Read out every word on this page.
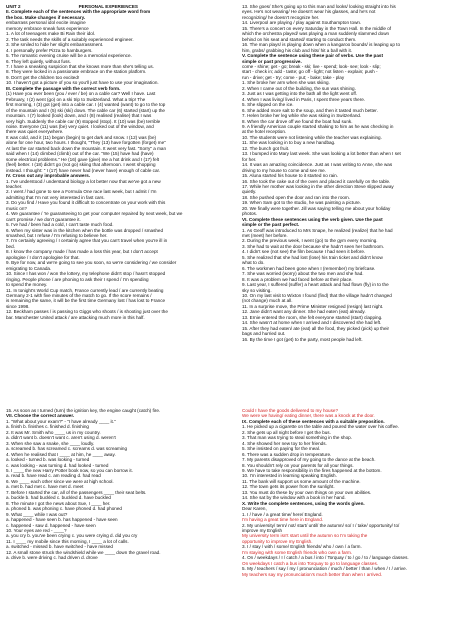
UNIT 2	PERSONAL EXPERIENCES
II. Complete each of the sentences with the appropriate word from
the box. Make changes if necessary.
embarrass personal idol excite imagine
memory embrace sneak fuss experience
1. A lot of teenagers make Bi Rain their idol.
2. The task needs the skills of a suitably experienced engineer.
3. She smiled to hide her slight embarrassment.
4. I personally prefer Pizza to hamburgers.
5. The romantic evening cruise will be a memorial experience.
6. They left quietly, without fuss.
7. I have a sneaking suspicion that she knows more than she's telling us.
8. They were locked in a passionate embrace on the station platform.
9. Don't get the children too excited!
10. I haven't got a picture of you so you'll just have to use your imagination.
III. Complete the passage with the correct verb form.
(1) Have you ever been (you / ever / be) on a cable car? Well I have. Last
February, I (2) went (go) on a ski trip to Switzerland. What a trip! The
first morning, I (3) got (get) into a cable car. I (4) wanted (want) to go to the top
of the mountain and I (5) ski (ski) down. The cable car (6) started (start) up the
mountain. I (7) looked (look) down, and I (8) realised (realise) that I was
very high. Suddenly the cable car (9) stopped (stop). It (10) was (be) terrible
noise. Everyone (11) was (be) very quiet. I looked out of the window, and
there was quiet everywhere.
It was cold, and it (11) began (begin) to get dark and snow. I (12) was (be)
alone for one hour, two hours. I thought, "They (13) have forgotten (forget) me"
At last the car started back down the mountain. It went very fast. "Sorry" a man
said when I (14) climbed (climb) out of the car. "We (15) have had (have)
some electrical problems." He (16) gave (give) me a hot drink and I (17) felt
(feel) better. I (18) didn't go (not go) skiing that afternoon. I went shopping
instead. I thought: " I (17) have never had (never have) enough of cable car.
IV. Cross out any improbable answers.
1. I've understood / understand biology a lot better now that we've got a new
teacher.
2. I went / had gone to see a Formula One race last week, but I admit / I'm
admitting that I'm not very interested in fast cars.
3. Do you find / Have you found it difficult to concentrate on your work with this
music on?
4. We guarantee / 're guaranteeing to get your computer repaired by next week, but we
can't promise / we don't guarantee it.
5. I've had / been had a cold, I can't taste much food.
6. When my sister was in the kitchen when the bottle was dropped / smashed
smashed, but I refuse / I'm refusing to believe her.
7. I'm certainly agreeing / I certainly agree that you can't travel when you're ill in
bed.
8. I know the company made / has made a loss this year, but I don't accept
apologise / I don't apologise for that.
9. Bye for now, and we're going to see you soon, so we're considering / we consider
emigrating to Canada.
10. Since I has won / won the lottery, my telephone didn't stop / hasn't stopped
ringing. People phone / are phoning to ask their I spend / I'm spending
to spend the money.
11. In tonight's World Cup match, France currently lead / are currently beating
Germany 2-1 with five minutes of the match to go. If the score remains /
is remaining the same, it will be the first time Germany lost / has lost to France
since 1998.
12. Beckham passes / is passing to Giggs who shoots / is shooting just over the
bar. Manchester United attack / are attacking much more in this half.
13. She goes/ She's going up to this man and looks/ looking straight into his
eyes. He's not wearing/ He doesn't wear his glasses, and he's not
recognizing/ he doesn't recognize her.
14. Liverpool are playing / play against Southampton town.
15. There's a concert on every Saturday in the Town Hall. In the middle of
which the orchestra played/ was playing a man suddenly slammed down
behind on his seat and started/ starting to conduct them.
16. The man plays/ is playing down when a kangaroo bounds/ is leaping up to
him, grabs/ grabbing his club and hits/ hit a ball with it.
V. Complete the sentence using these pair of verbs. Use the past
simple or past progressive.
come - shine; get - go; break - ski; live - spend; look- see; look - slip;
start - check in; add - taste; go off - light; not listen - explain; push -
run - drive; get - try; come - put; - bake; take - play
1. She broke her arm when she was skiing.
2. When I came out of the building, the sun was shining.
3. Just as I was getting into the bath all the light went off.
4. When I was living/ lived in Paris, I spent three years there.
5. She slipped on the ice.
6. She added more salt to the soup, and then it tasted much better.
7. Helen broke her leg while she was skiing in Switzerland.
8. When the car drove off we found the boat had sunk.
9. A friendly American couple started shaking to him as he was checking in
at the hotel reception.
10. The students were not listening while the teacher was explaining.
11. She was looking in to buy a new handbag.
12. The bunch got fruit.
13. I bumped into Mary last week. She was looking a lot better than when I set
for her.
14. It was an amazing coincidence. Just as I was writing to Anne, she was
driving to my house to come and see me.
15. Aluna started his house to it started no rain.
16. She took the cake out of the oven and placed it carefully on the table.
17. While her mother was looking in the other direction Steve slipped away
quietly.
18. She pushed open the door and ran into the room.
19. When Sam got to the studio, he was painting a picture.
20. We finally were together. Jill was saying telling me about your holiday
photos.
VI. Complete these sentences using the verb given. Use the past
simple or the past perfect.
1. As Geoff was introduced to Mrs Snape, he realized (realize) that he had
met (meet) her before.
2. During the previous week, I went (go) to the gym every morning.
3. She had to wait at the door because she hadn't seen her bathroom.
4. I didn't see (not see) the film because I had seen it before.
5. She realized that she had lost (lose) his train ticket and didn't know
what to do.
6. The workmen had been gone when I (remember) my briefcase.
7. She was worried (worry) about the two men and she had.
8. It was a problem we had faced before at their place.
9. Last year, I suffered (suffer) a heart attack and had flown (fly) in to the
sky so visiting.
10. On my last visit to Wixton I found (find) that the village hadn't changed
(not change) much at all.
11. In a surprise move, the Prime Minister resigned (resign) last night.
12. Jane didn't want any dinner. She had eaten (eat) already.
13. Ernie entered the room, she felt everyone started (start) clapping.
14. She wasn't at home when I arrived and I discovered she had left.
15. After they had eaten/ ate (eat) all the food, they picked (pick) up their
bags and hurried out.
16. By the time I got (get) to the party, most people had left.
15. As soon as I turned (turn) the ignition key, the engine caught (catch) fire.
VII. Choose the correct answer.
1. "What about your exam?" - "I have already ____ it."
a. finish b. finishes c. finished d. finishing
2. It was Mr. Smith who ____ us in my country.
a. didn't want b. doesn't want c. aren't using d. weren't
3. When she saw a snake, she ____ loudly.
a. screamed b. has screamed c. screams d. was screaming
4. When he realised that I ____ at him, he ____ away.
a. looked - turned b. was looking - turned
c. was looking - was turning d. had looked - turned
5. I ____ the new Harry Potter book now, so you can borrow it.
a. read b. have read c. am reading d. had read
6. We ____ each other since we were at high school.
a. met b. had met c. have met d. meet
7. Before I started the car, all of the passengers ____ their seat belts.
a. buckle b. had buckled c. buckled d. have buckled
8. The minute I got the news about Sue, I ____ her.
a. phoned b. was phoning c. have phoned d. had phoned
9. What ____ while I was out?
a. happened - have seen b. has happened - have seen
c. happened - saw d. happened - have seen
10. Your eyes are red - ____?
a. you cry b. you've been crying c. you were crying d. did you cry
11. I ____ my mobile since this morning, I ____ a lot of calls.
a. switched - missed b. have switched - have missed
12. A small stone struck the windshield while we ____ down the gravel road.
a. drive b. were driving c. had driven d. drove
Could I have the goods delivered to my house?
We were we having/ eating dinner, there was a knock at the door.
IX. Complete each of these sentences with a suitable preposition.
1. He picked up a cigarette on the table and poured the water over his coffee.
2. She gets up all night before I get the bus.
3. That man was trying to steal something in the shop.
4. She showed her new toy to her friends.
5. She insisted on paying for the meal.
6. There was a sudden drop in temperature.
7. My parents disapproved of my going to the dance at the beach.
8. You shouldn't rely on your parents for all your things.
9. We have to take responsibility in the fires happened at the bottom.
10. I'm interested in learning speaking English.
11. The bank will support us some amount of the machine.
12. The town gets its power from the sunlight.
13. You must do these by your own things on your own abilities.
14. She sat by the window with a book in her hand.
X. Write the complete sentences, using the words given.
Dear Karen,
1. I / have / a great time/ here/ England.
I'm having a great time here in England.
2. My university/ term/ not/ start/ until/ the autumn/ so/ I / take/ opportunity/ to/
improve my English
My university term isn't start until the autumn so I'm taking the
opportunity to improve my English.
3. I / stay / with / some/ English friends/ who / own / a farm.
I'm staying with some English friends who own a farm.
4. On / weekdays / I / catch / a bus / into / Torquay / to / go / to / language classes.
On weekdays I catch a bus into Torquay to go to language classes.
5. My / teachers / say / my / pronunciation / much / better / than / when / I / arrive.
My teachers say my pronunciation's much better than when I arrived.
